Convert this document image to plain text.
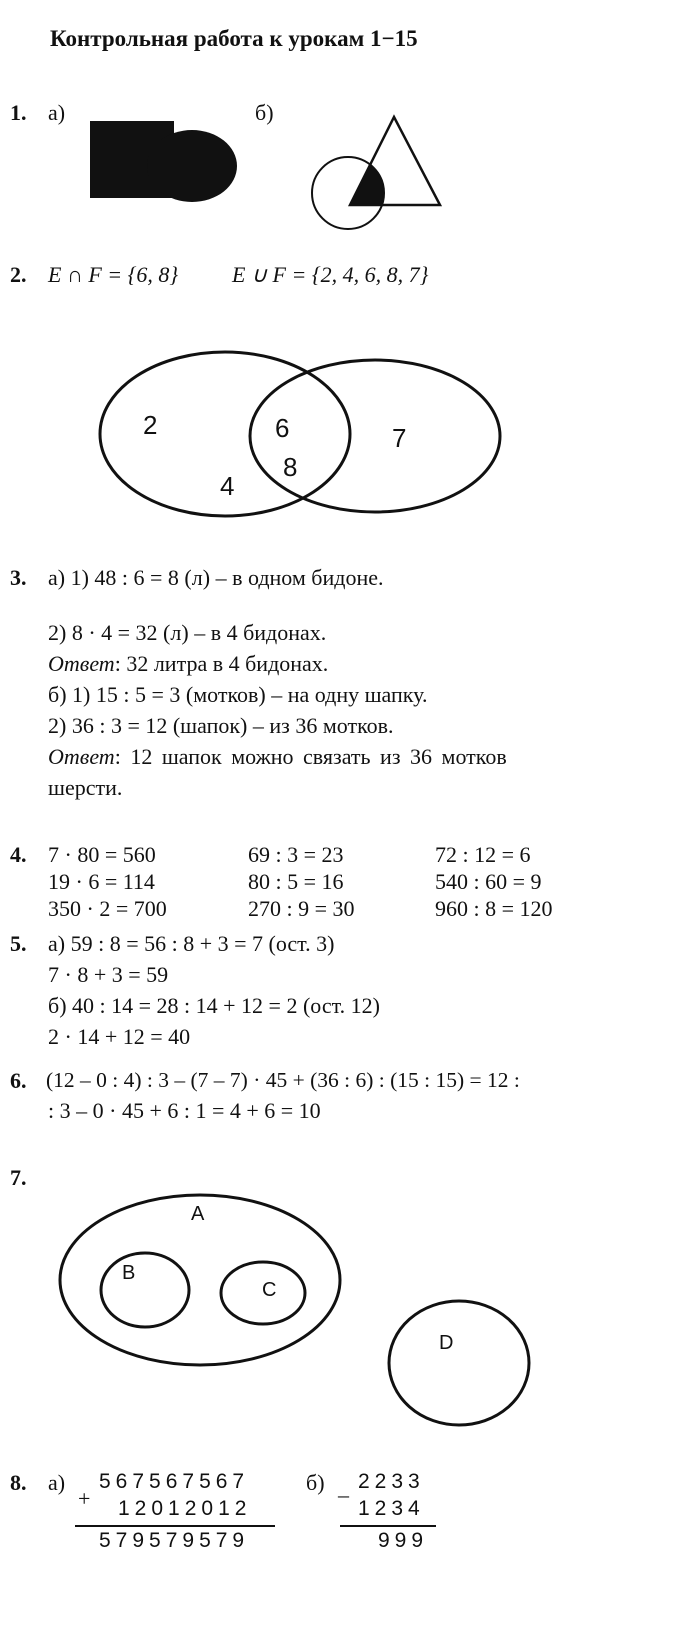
Контрольная работа к урокам 1−15
1. а)	б)
2. E ∩ F = {6, 8} E ∪ F = {2, 4, 6, 8, 7}
2	6
8
4
7
3. а) 1) 48 : 6 = 8 (л) – в одном бидоне.
2) 8 · 4 = 32 (л) – в 4 бидонах.
Ответ: 32 литра в 4 бидонах.
б) 1) 15 : 5 = 3 (мотков) – на одну шапку.
2) 36 : 3 = 12 (шапок) – из 36 мотков.
Ответ: 12 шапок можно связать из 36 мотков
шерсти.
4. 7 · 80 = 560	69 : 3 = 23	72 : 12 = 6
19 · 6 = 114	80 : 5 = 16	540 : 60 = 9
350 · 2 = 700	270 : 9 = 30	960 : 8 = 120
5. а) 59 : 8 = 56 : 8 + 3 = 7 (ост. 3)
7 · 8 + 3 = 59
б) 40 : 14 = 28 : 14 + 12 = 2 (ост. 12)
2 · 14 + 12 = 40
6. (12 – 0 : 4) : 3 – (7 – 7) · 45 + (36 : 6) : (15 : 15) = 12 :
: 3 – 0 · 45 + 6 : 1 = 4 + 6 = 10
7.
A
B
C
D
8. а)
+
567567567
12012012
579579579
б) –
2233
1234
999
